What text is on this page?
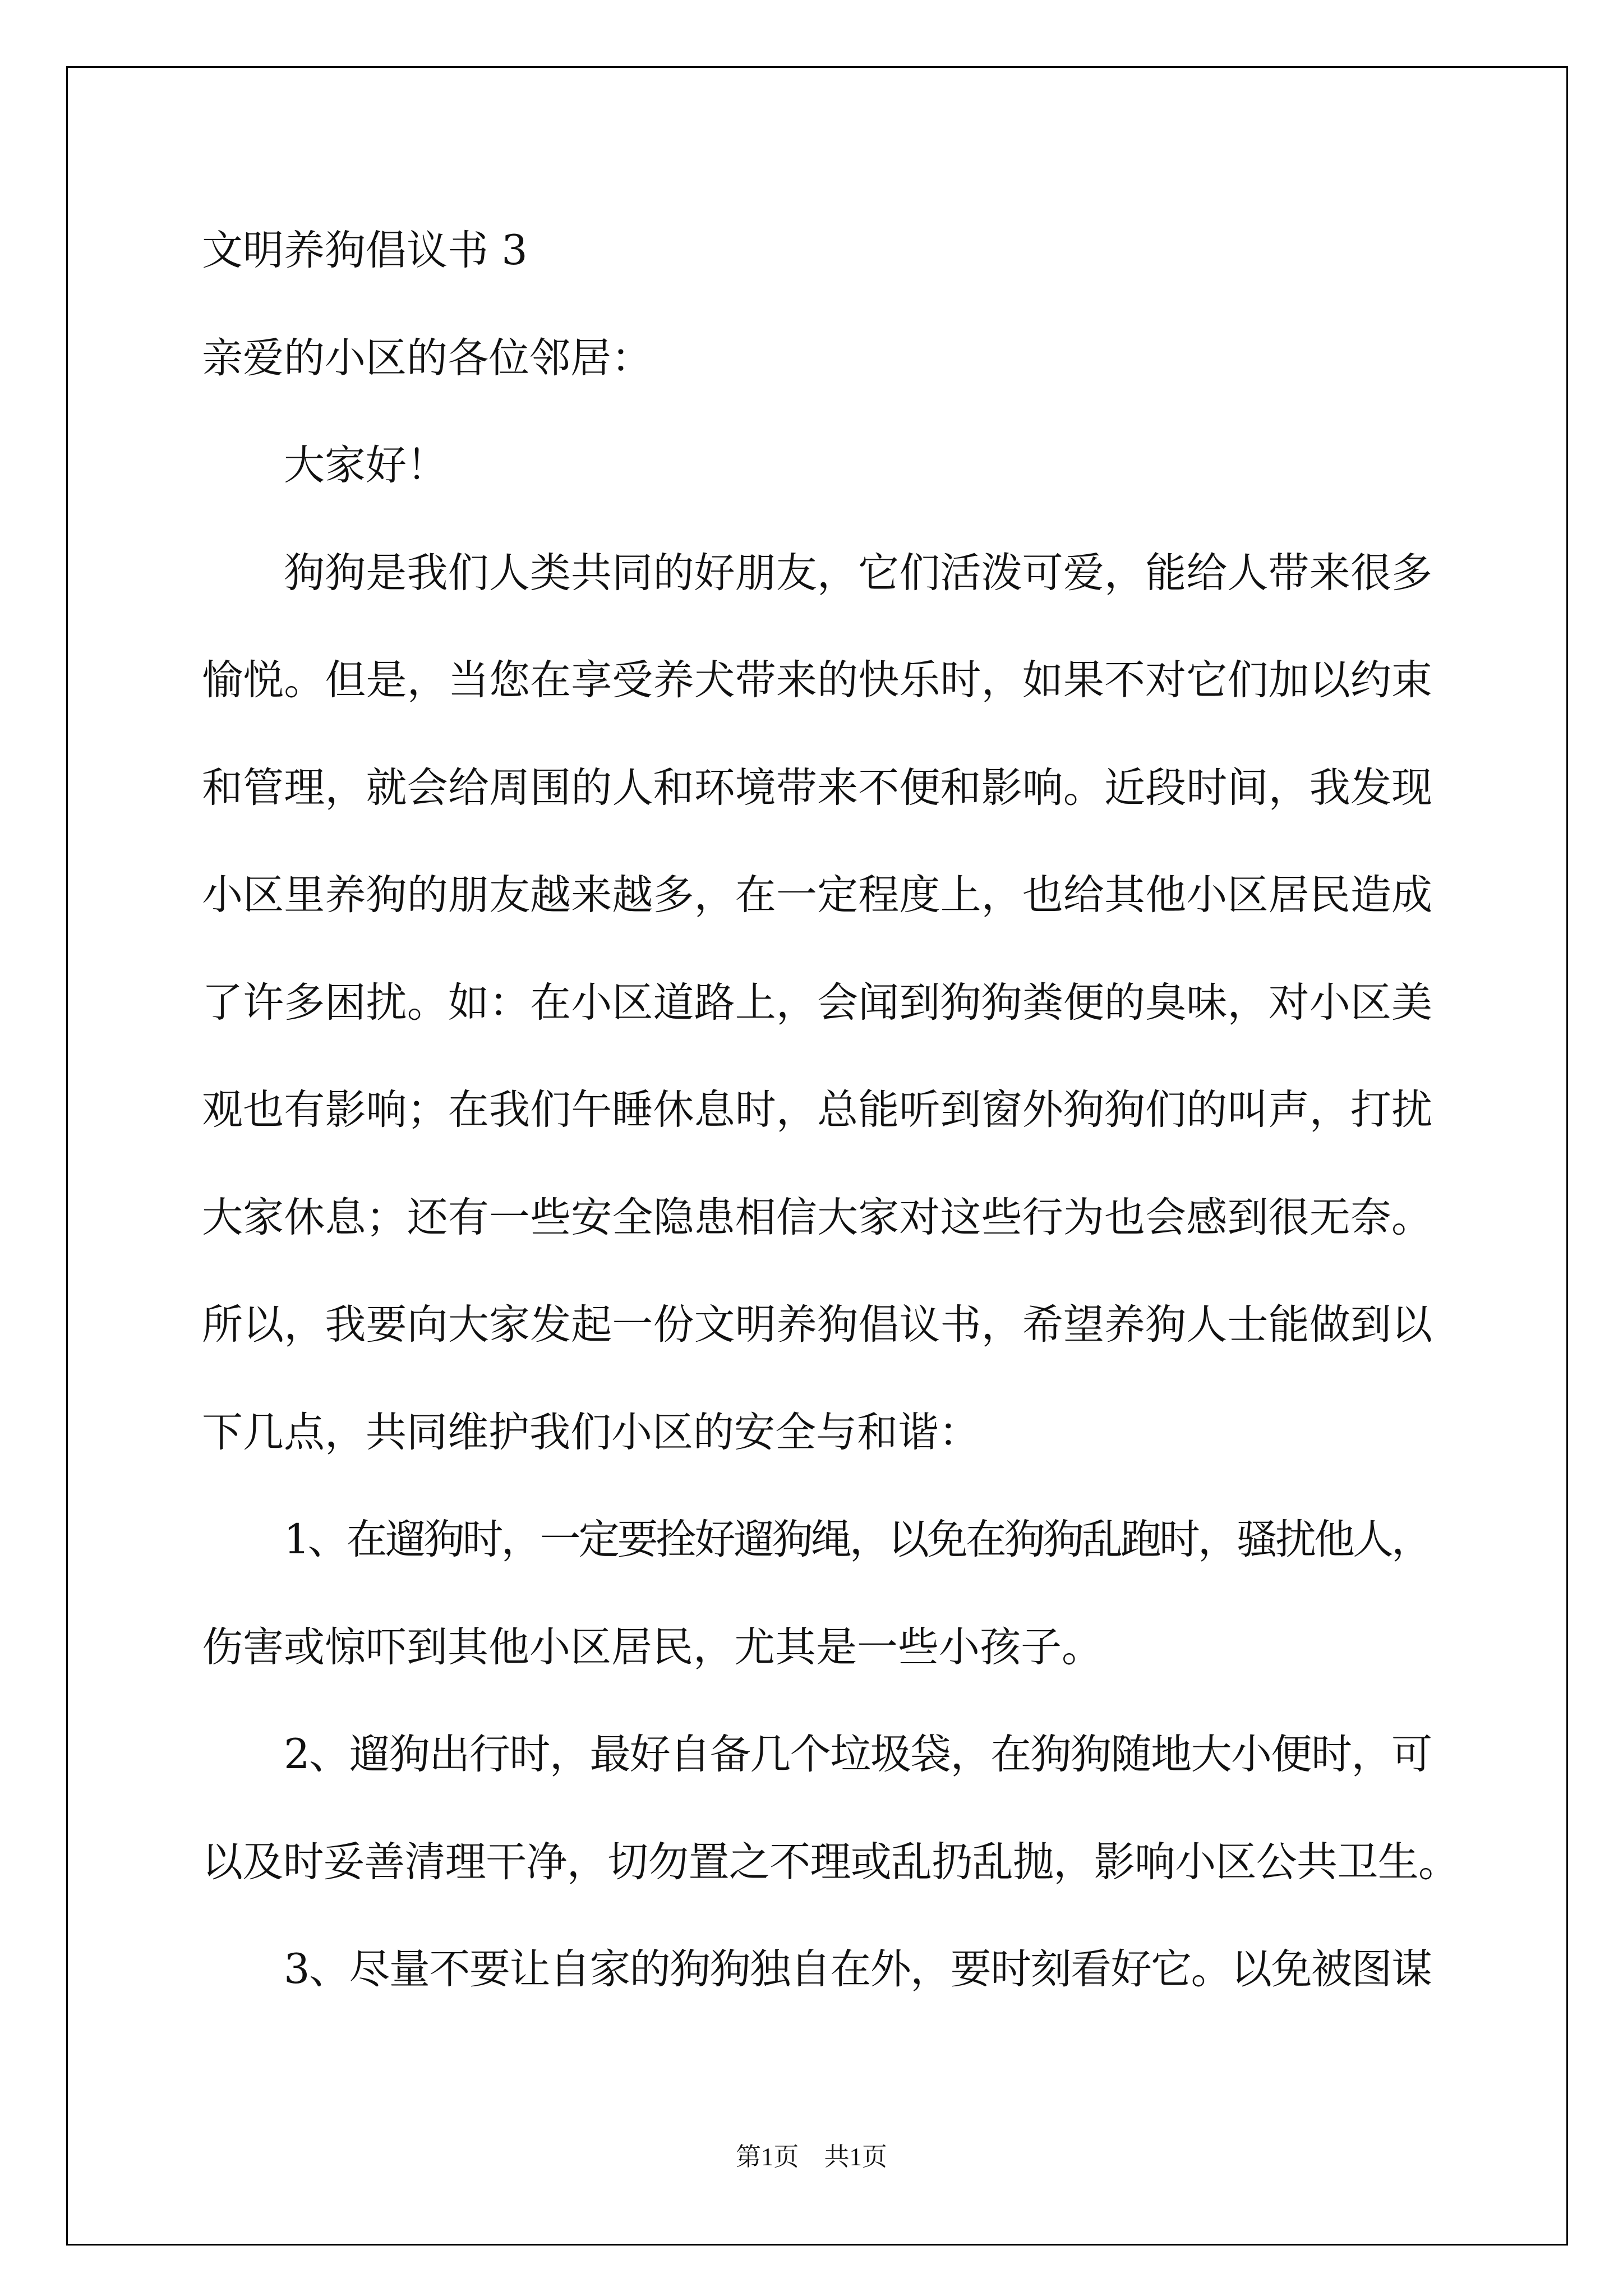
文明养狗倡议书 3
亲爱的小区的各位邻居：
大家好！
狗狗是我们人类共同的好朋友，它们活泼可爱，能给人带来很多
愉悦。但是，当您在享受养犬带来的快乐时，如果不对它们加以约束
和管理，就会给周围的人和环境带来不便和影响。近段时间，我发现
小区里养狗的朋友越来越多，在一定程度上，也给其他小区居民造成
了许多困扰。如：在小区道路上，会闻到狗狗粪便的臭味，对小区美
观也有影响；在我们午睡休息时，总能听到窗外狗狗们的叫声，打扰
大家休息；还有一些安全隐患相信大家对这些行为也会感到很无奈。
所以，我要向大家发起一份文明养狗倡议书，希望养狗人士能做到以
下几点，共同维护我们小区的安全与和谐：
1、在遛狗时，一定要拴好遛狗绳，以免在狗狗乱跑时，骚扰他人，
伤害或惊吓到其他小区居民，尤其是一些小孩子。
2、遛狗出行时，最好自备几个垃圾袋，在狗狗随地大小便时，可
以及时妥善清理干净，切勿置之不理或乱扔乱抛，影响小区公共卫生。
3、尽量不要让自家的狗狗独自在外，要时刻看好它。以免被图谋
第1页　共1页
